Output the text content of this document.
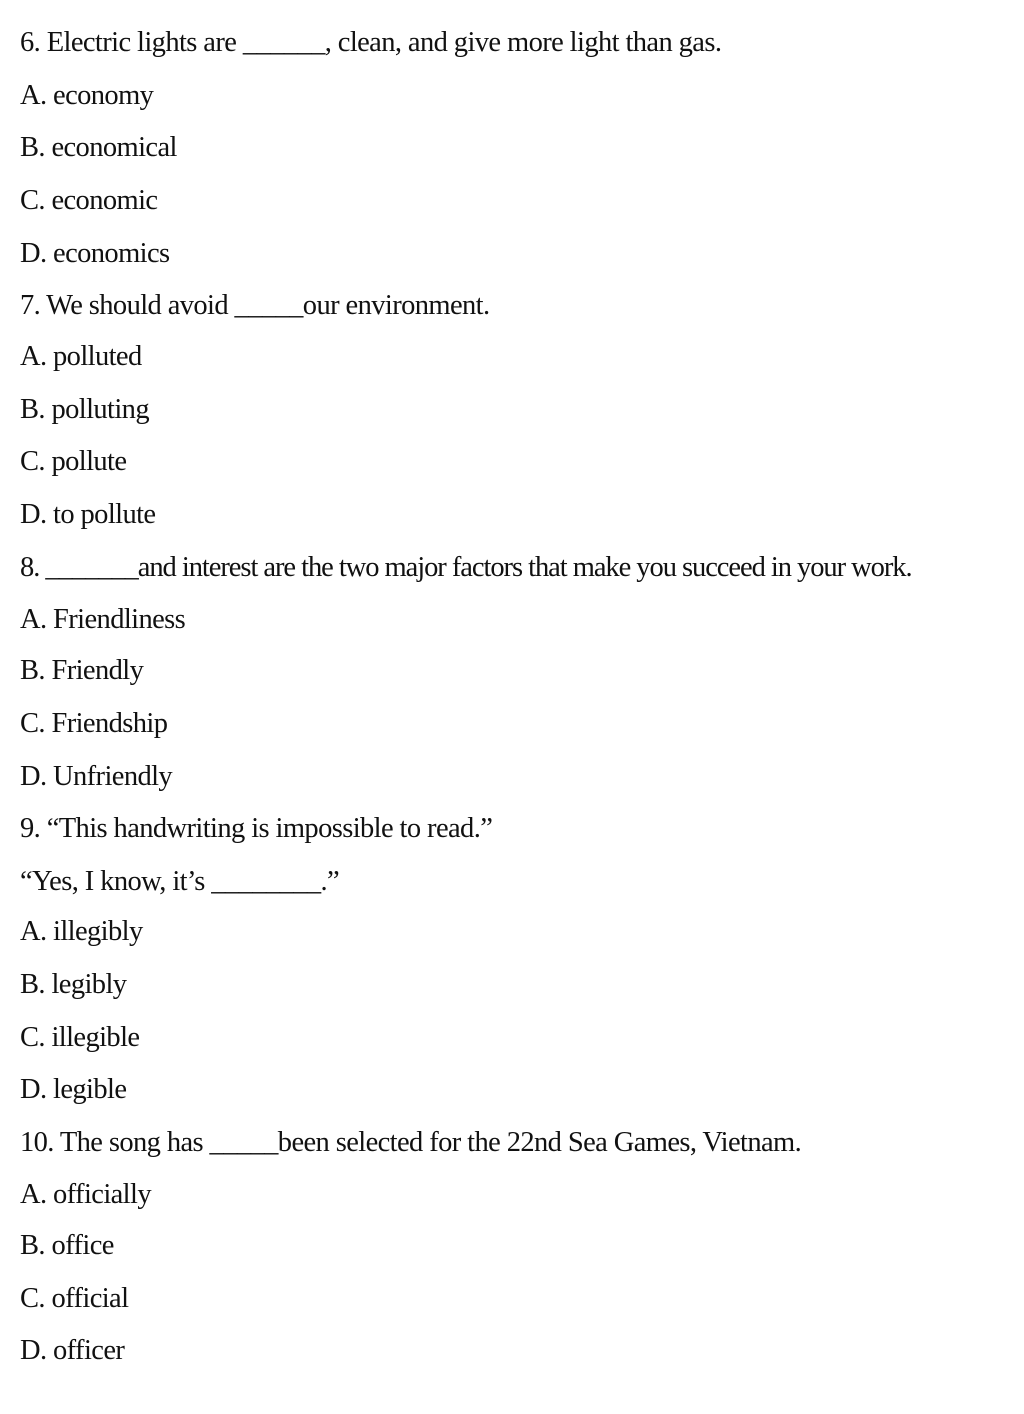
6. Electric lights are ______, clean, and give more light than gas.
A. economy
B. economical
C. economic
D. economics
7. We should avoid _____our environment.
A. polluted
B. polluting
C. pollute
D. to pollute
8. _______and interest are the two major factors that make you succeed in your work.
A. Friendliness
B. Friendly
C. Friendship
D. Unfriendly
9. “This handwriting is impossible to read.”
“Yes, I know, it’s ________.”
A. illegibly
B. legibly
C. illegible
D. legible
10. The song has _____been selected for the 22nd Sea Games, Vietnam.
A. officially
B. office
C. official
D. officer
